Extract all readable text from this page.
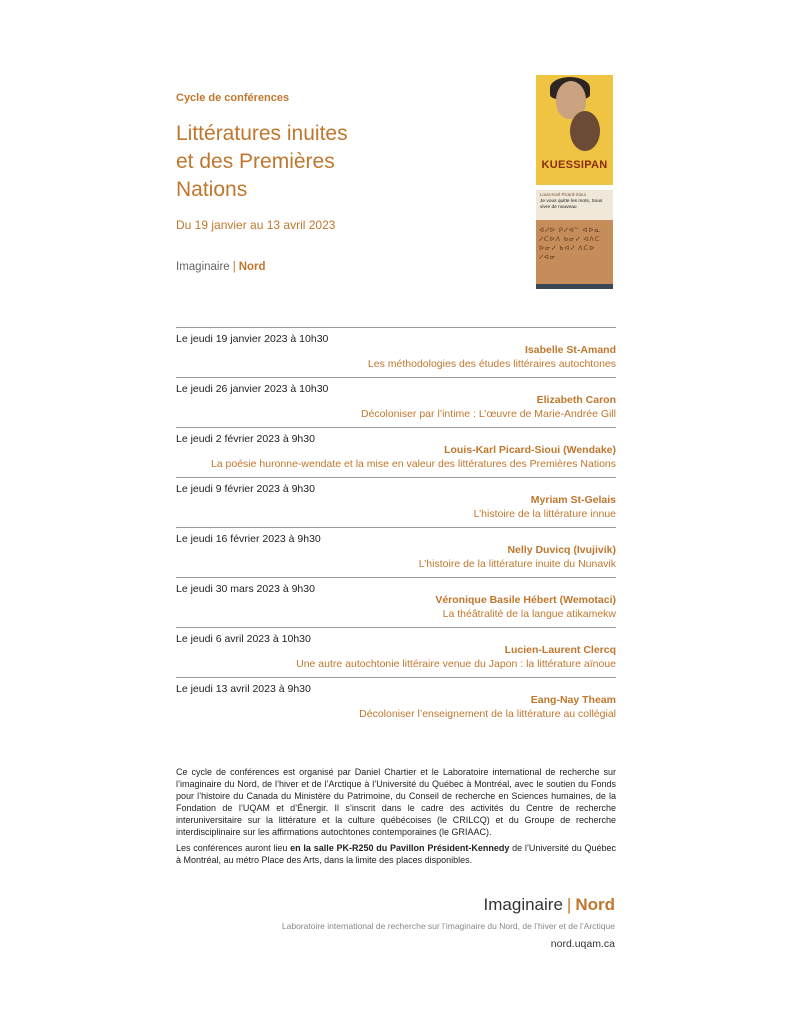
Cycle de conférences
Littératures inuites
et des Premières
Nations
Du 19 janvier au 13 avril 2023
Imaginaire | Nord
KUESSIPAN
Louis-Karl Picard-Sioui
Je vous quitte les mots, Sous vivre de nouveau
ᐊᓯᐅ ᑭᓯᐊᓪ ᐊᐅᓇ ᓯᑕᐅᐱ ᑲᓂᓯ ᐊᐱᑕ ᐅᓂᓯ ᑲᐊᓯ ᐱᑕᐅ ᓯᐊᓂ
Le jeudi 19 janvier 2023 à 10h30
Isabelle St-Amand
Les méthodologies des études littéraires autochtones
Le jeudi 26 janvier 2023 à 10h30
Elizabeth Caron
Décoloniser par l’intime : L’œuvre de Marie-Andrée Gill
Le jeudi 2 février 2023 à 9h30
Louis-Karl Picard-Sioui (Wendake)
La poésie huronne-wendate et la mise en valeur des littératures des Premières Nations
Le jeudi 9 février 2023 à 9h30
Myriam St-Gelais
L’histoire de la littérature innue
Le jeudi 16 février 2023 à 9h30
Nelly Duvicq (Ivujivik)
L’histoire de la littérature inuite du Nunavik
Le jeudi 30 mars 2023 à 9h30
Véronique Basile Hébert (Wemotaci)
La théâtralité de la langue atikamekw
Le jeudi 6 avril 2023 à 10h30
Lucien-Laurent Clercq
Une autre autochtonie littéraire venue du Japon : la littérature aïnoue
Le jeudi 13 avril 2023 à 9h30
Eang-Nay Theam
Décoloniser l’enseignement de la littérature au collégial

Ce cycle de conférences est organisé par Daniel Chartier et le Laboratoire international de recherche sur l’imaginaire du Nord, de l’hiver et de l’Arctique à l’Université du Québec à Montréal, avec le soutien du Fonds pour l’histoire du Canada du Ministère du Patrimoine, du Conseil de recherche en Sciences humaines, de la Fondation de l’UQAM et d’Énergir. Il s’inscrit dans le cadre des activités du Centre de recherche interuniversitaire sur la littérature et la culture québécoises (le CRILCQ) et du Groupe de recherche interdisciplinaire sur les affirmations autochtones contemporaines (le GRIAAC).

Les conférences auront lieu en la salle PK-R250 du Pavillon Président-Kennedy de l’Université du Québec à Montréal, au métro Place des Arts, dans la limite des places disponibles.

Imaginaire | Nord
Laboratoire international de recherche sur l’imaginaire du Nord, de l’hiver et de l’Arctique
nord.uqam.ca
